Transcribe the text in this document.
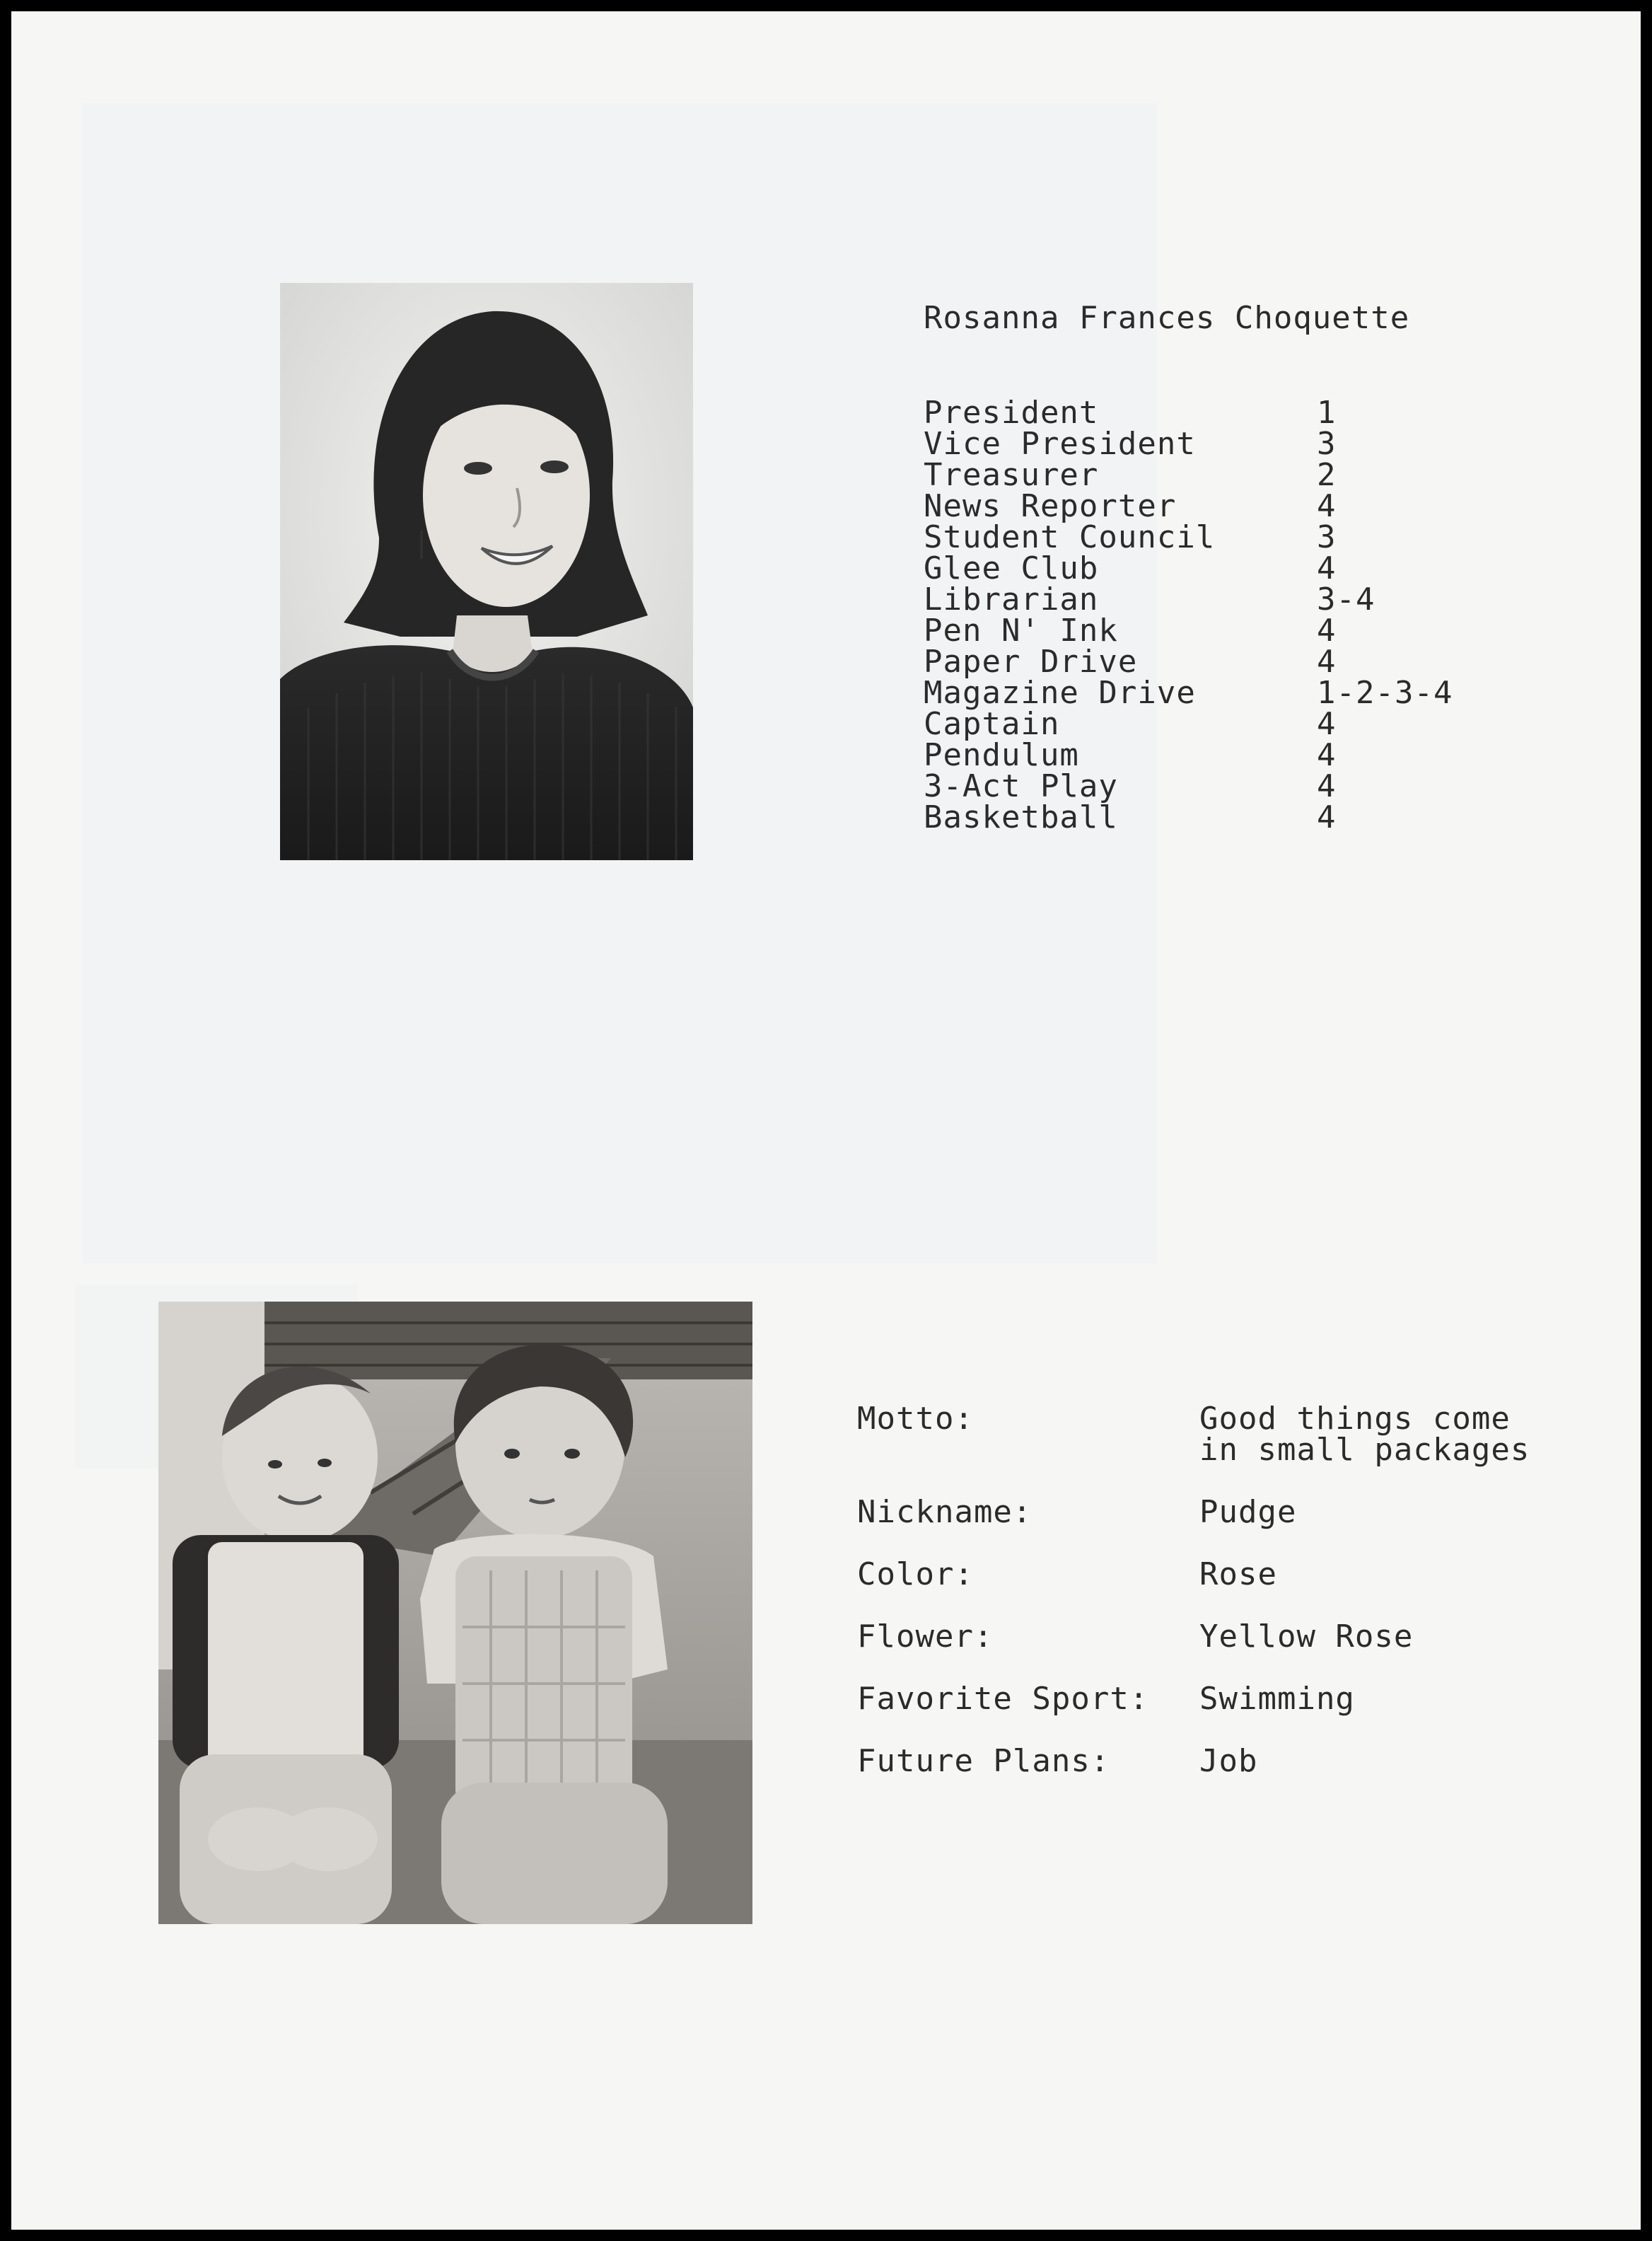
Rosanna Frances Choquette
President	1
Vice President	3
Treasurer	2
News Reporter	4
Student Council	3
Glee Club	4
Librarian	3-4
Pen N' Ink	4
Paper Drive	4
Magazine Drive	1-2-3-4
Captain	4
Pendulum	4
3-Act Play	4
Basketball	4
Motto:	Good things come
in small packages
Nickname:	Pudge
Color:	Rose
Flower:	Yellow Rose
Favorite Sport:	Swimming
Future Plans:	Job
